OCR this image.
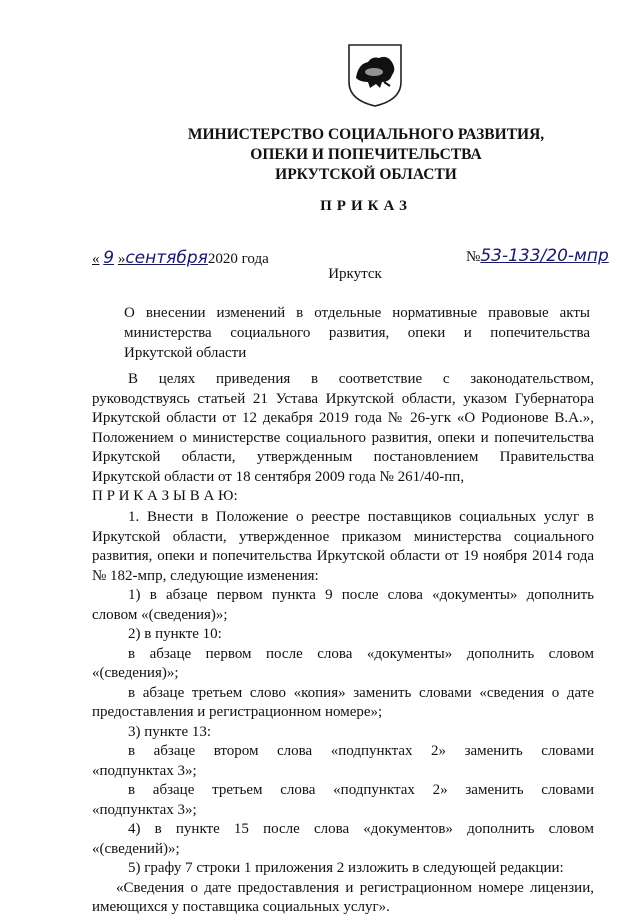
МИНИСТЕРСТВО СОЦИАЛЬНОГО РАЗВИТИЯ,
ОПЕКИ И ПОПЕЧИТЕЛЬСТВА
ИРКУТСКОЙ ОБЛАСТИ
ПРИКАЗ
« 9 »сентября2020 года	№53-133/20-мпр
Иркутск
О внесении изменений в отдельные нормативные правовые акты
министерства социального развития, опеки и попечительства
Иркутской области
В целях приведения в соответствие с законодательством,
руководствуясь статьей 21 Устава Иркутской области, указом Губернатора
Иркутской области от 12 декабря 2019 года № 26-угк «О Родионове В.А.»,
Положением о министерстве социального развития, опеки и попечительства
Иркутской области, утвержденным постановлением Правительства
Иркутской области от 18 сентября 2009 года № 261/40-пп,
П Р И К А З Ы В А Ю:
1. Внести в Положение о реестре поставщиков социальных услуг в
Иркутской области, утвержденное приказом министерства социального
развития, опеки и попечительства Иркутской области от 19 ноября 2014 года
№ 182-мпр, следующие изменения:
1) в абзаце первом пункта 9 после слова «документы» дополнить
словом «(сведения)»;
2) в пункте 10:
в абзаце первом после слова «документы» дополнить словом
«(сведения)»;
в абзаце третьем слово «копия» заменить словами «сведения о дате
предоставления и регистрационном номере»;
3) пункте 13:
в абзаце втором слова «подпунктах 2» заменить словами
«подпунктах 3»;
в абзаце третьем слова «подпунктах 2» заменить словами
«подпунктах 3»;
4) в пункте 15 после слова «документов» дополнить словом
«(сведений)»;
5) графу 7 строки 1 приложения 2 изложить в следующей редакции:
«Сведения о дате предоставления и регистрационном номере лицензии,
имеющихся у поставщика социальных услуг».
